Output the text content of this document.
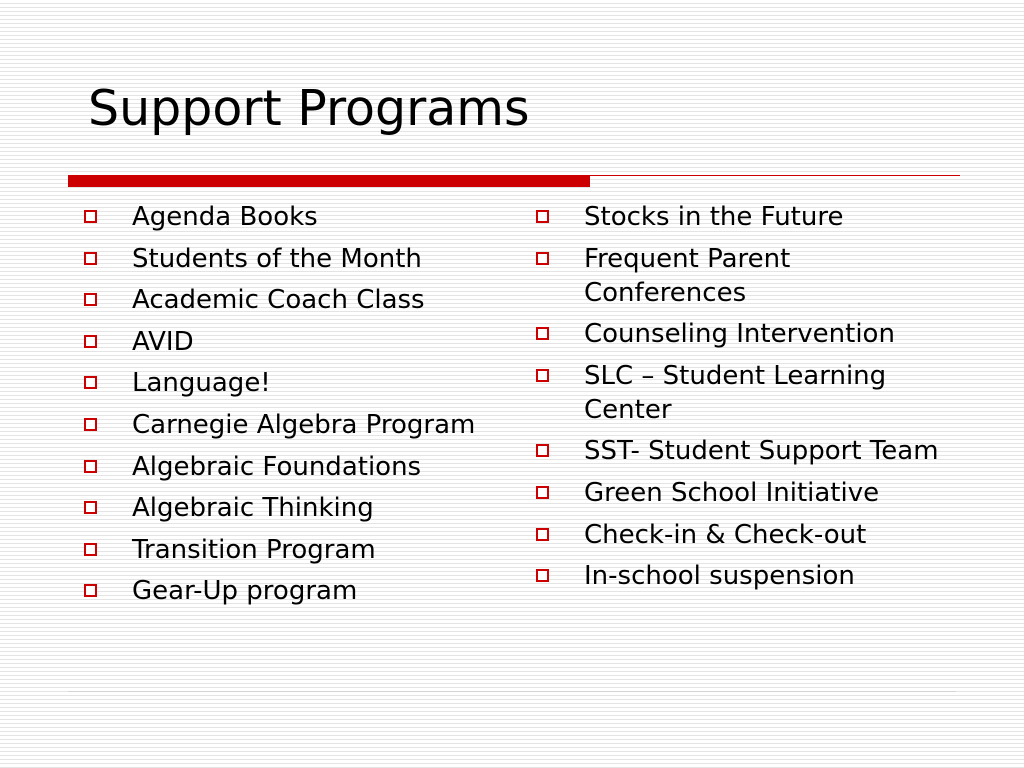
Support Programs
Agenda Books
Students of the Month
Academic Coach Class
AVID
Language!
Carnegie Algebra Program
Algebraic Foundations
Algebraic Thinking
Transition Program
Gear-Up program
Stocks in the Future
Frequent Parent Conferences
Counseling Intervention
SLC – Student Learning Center
SST- Student Support Team
Green School Initiative
Check-in & Check-out
In-school suspension
